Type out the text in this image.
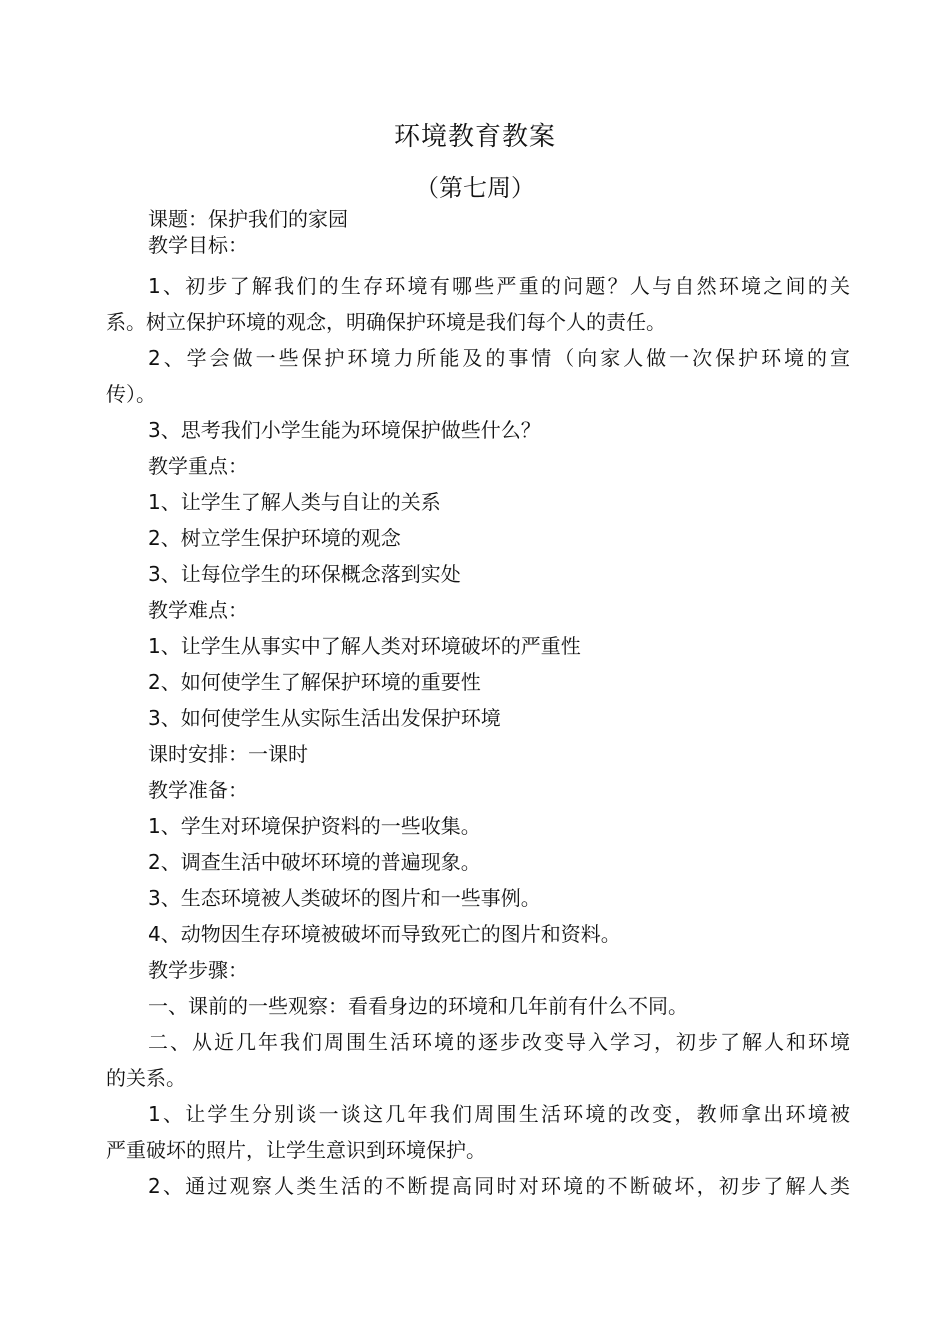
环境教育教案
（第七周）
课题：保护我们的家园
教学目标：
1、初步了解我们的生存环境有哪些严重的问题？人与自然环境之间的关
系。树立保护环境的观念，明确保护环境是我们每个人的责任。
2、学会做一些保护环境力所能及的事情（向家人做一次保护环境的宣
传）。
3、思考我们小学生能为环境保护做些什么？
教学重点：
1、让学生了解人类与自让的关系
2、树立学生保护环境的观念
3、让每位学生的环保概念落到实处
教学难点：
1、让学生从事实中了解人类对环境破坏的严重性
2、如何使学生了解保护环境的重要性
3、如何使学生从实际生活出发保护环境
课时安排：一课时
教学准备：
1、学生对环境保护资料的一些收集。
2、调查生活中破坏环境的普遍现象。
3、生态环境被人类破坏的图片和一些事例。
4、动物因生存环境被破坏而导致死亡的图片和资料。
教学步骤：
一、课前的一些观察：看看身边的环境和几年前有什么不同。
二、从近几年我们周围生活环境的逐步改变导入学习，初步了解人和环境
的关系。
1、让学生分别谈一谈这几年我们周围生活环境的改变，教师拿出环境被
严重破坏的照片，让学生意识到环境保护。
2、通过观察人类生活的不断提高同时对环境的不断破坏，初步了解人类
